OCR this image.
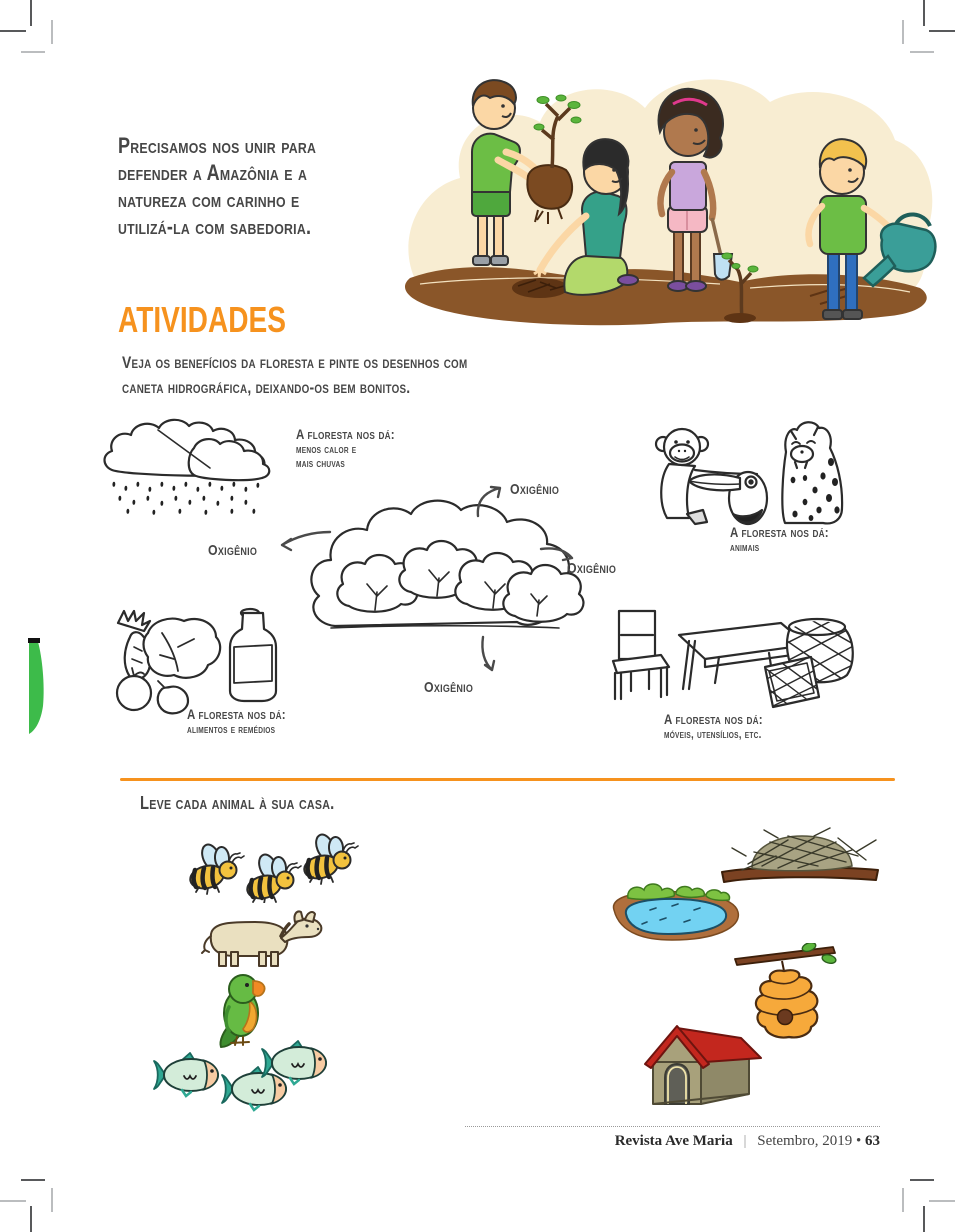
Precisamos nos unir para
defender a Amazônia e a
natureza com carinho e
utilizá-la com sabedoria.
ATIVIDADES
Veja os benefícios da floresta e pinte os desenhos com
caneta hidrográfica, deixando-os bem bonitos.
A floresta nos dá:
menos calor e
mais chuvas
A floresta nos dá:
animais
Oxigênio
Oxigênio
Oxigênio
Oxigênio
A floresta nos dá:
alimentos e remédios
A floresta nos dá:
móveis, utensílios, etc.
Leve cada animal à sua casa.
Revista Ave Maria | Setembro, 2019 • 63
